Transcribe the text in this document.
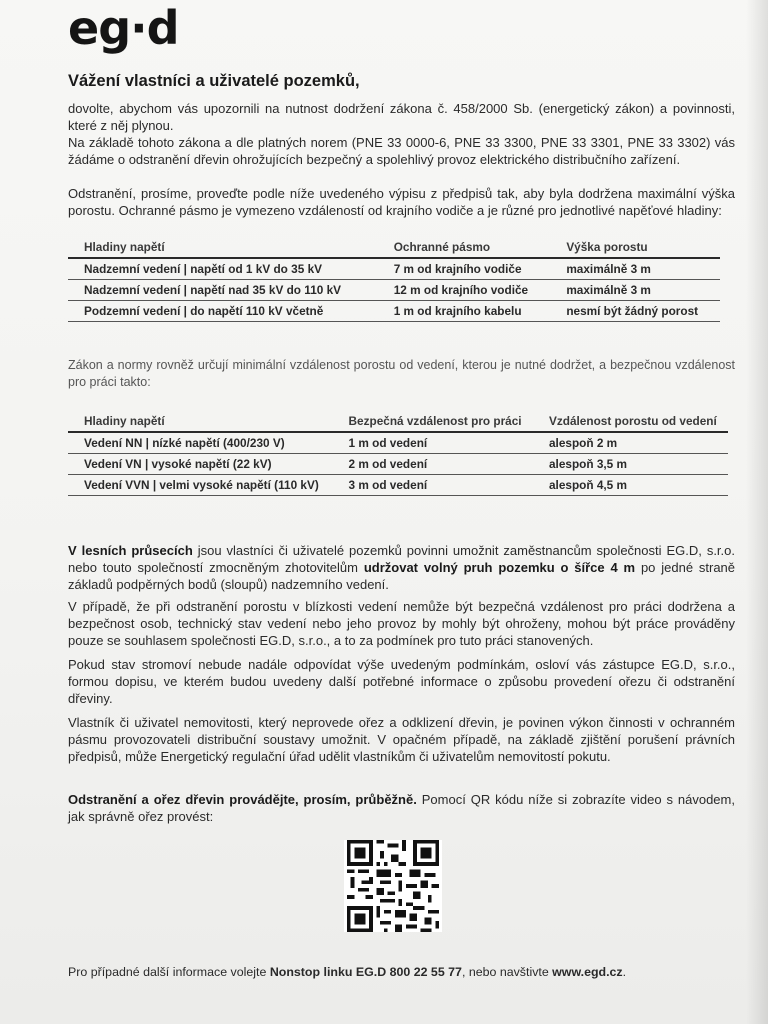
eg·d
Vážení vlastníci a uživatelé pozemků,
dovolte, abychom vás upozornili na nutnost dodržení zákona č. 458/2000 Sb. (energetický zákon) a povinnosti, které z něj plynou.
Na základě tohoto zákona a dle platných norem (PNE 33 0000-6, PNE 33 3300, PNE 33 3301, PNE 33 3302) vás žádáme o odstranění dřevin ohrožujících bezpečný a spolehlivý provoz elektrického distribučního zařízení.
Odstranění, prosíme, proveďte podle níže uvedeného výpisu z předpisů tak, aby byla dodržena maximální výška porostu. Ochranné pásmo je vymezeno vzdáleností od krajního vodiče a je různé pro jednotlivé napěťové hladiny:
Hladiny napětí	Ochranné pásmo	Výška porostu
Nadzemní vedení | napětí od 1 kV do 35 kV	7 m od krajního vodiče	maximálně 3 m
Nadzemní vedení | napětí nad 35 kV do 110 kV	12 m od krajního vodiče	maximálně 3 m
Podzemní vedení | do napětí 110 kV včetně	1 m od krajního kabelu	nesmí být žádný porost
Zákon a normy rovněž určují minimální vzdálenost porostu od vedení, kterou je nutné dodržet, a bezpečnou vzdálenost pro práci takto:
Hladiny napětí	Bezpečná vzdálenost pro práci	Vzdálenost porostu od vedení
Vedení NN | nízké napětí (400/230 V)	1 m od vedení	alespoň 2 m
Vedení VN | vysoké napětí (22 kV)	2 m od vedení	alespoň 3,5 m
Vedení VVN | velmi vysoké napětí (110 kV)	3 m od vedení	alespoň 4,5 m
V lesních průsecích jsou vlastníci či uživatelé pozemků povinni umožnit zaměstnancům společnosti EG.D, s.r.o. nebo touto společností zmocněným zhotovitelům udržovat volný pruh pozemku o šířce 4 m po jedné straně základů podpěrných bodů (sloupů) nadzemního vedení.
V případě, že při odstranění porostu v blízkosti vedení nemůže být bezpečná vzdálenost pro práci dodržena a bezpečnost osob, technický stav vedení nebo jeho provoz by mohly být ohroženy, mohou být práce prováděny pouze se souhlasem společnosti EG.D, s.r.o., a to za podmínek pro tuto práci stanovených.
Pokud stav stromoví nebude nadále odpovídat výše uvedeným podmínkám, osloví vás zástupce EG.D, s.r.o., formou dopisu, ve kterém budou uvedeny další potřebné informace o způsobu provedení ořezu či odstranění dřeviny.
Vlastník či uživatel nemovitosti, který neprovede ořez a odklizení dřevin, je povinen výkon činnosti v ochranném pásmu provozovateli distribuční soustavy umožnit. V opačném případě, na základě zjištění porušení právních předpisů, může Energetický regulační úřad udělit vlastníkům či uživatelům nemovitostí pokutu.
Odstranění a ořez dřevin provádějte, prosím, průběžně. Pomocí QR kódu níže si zobrazíte video s návodem, jak správně ořez provést:
Pro případné další informace volejte Nonstop linku EG.D 800 22 55 77, nebo navštivte www.egd.cz.
